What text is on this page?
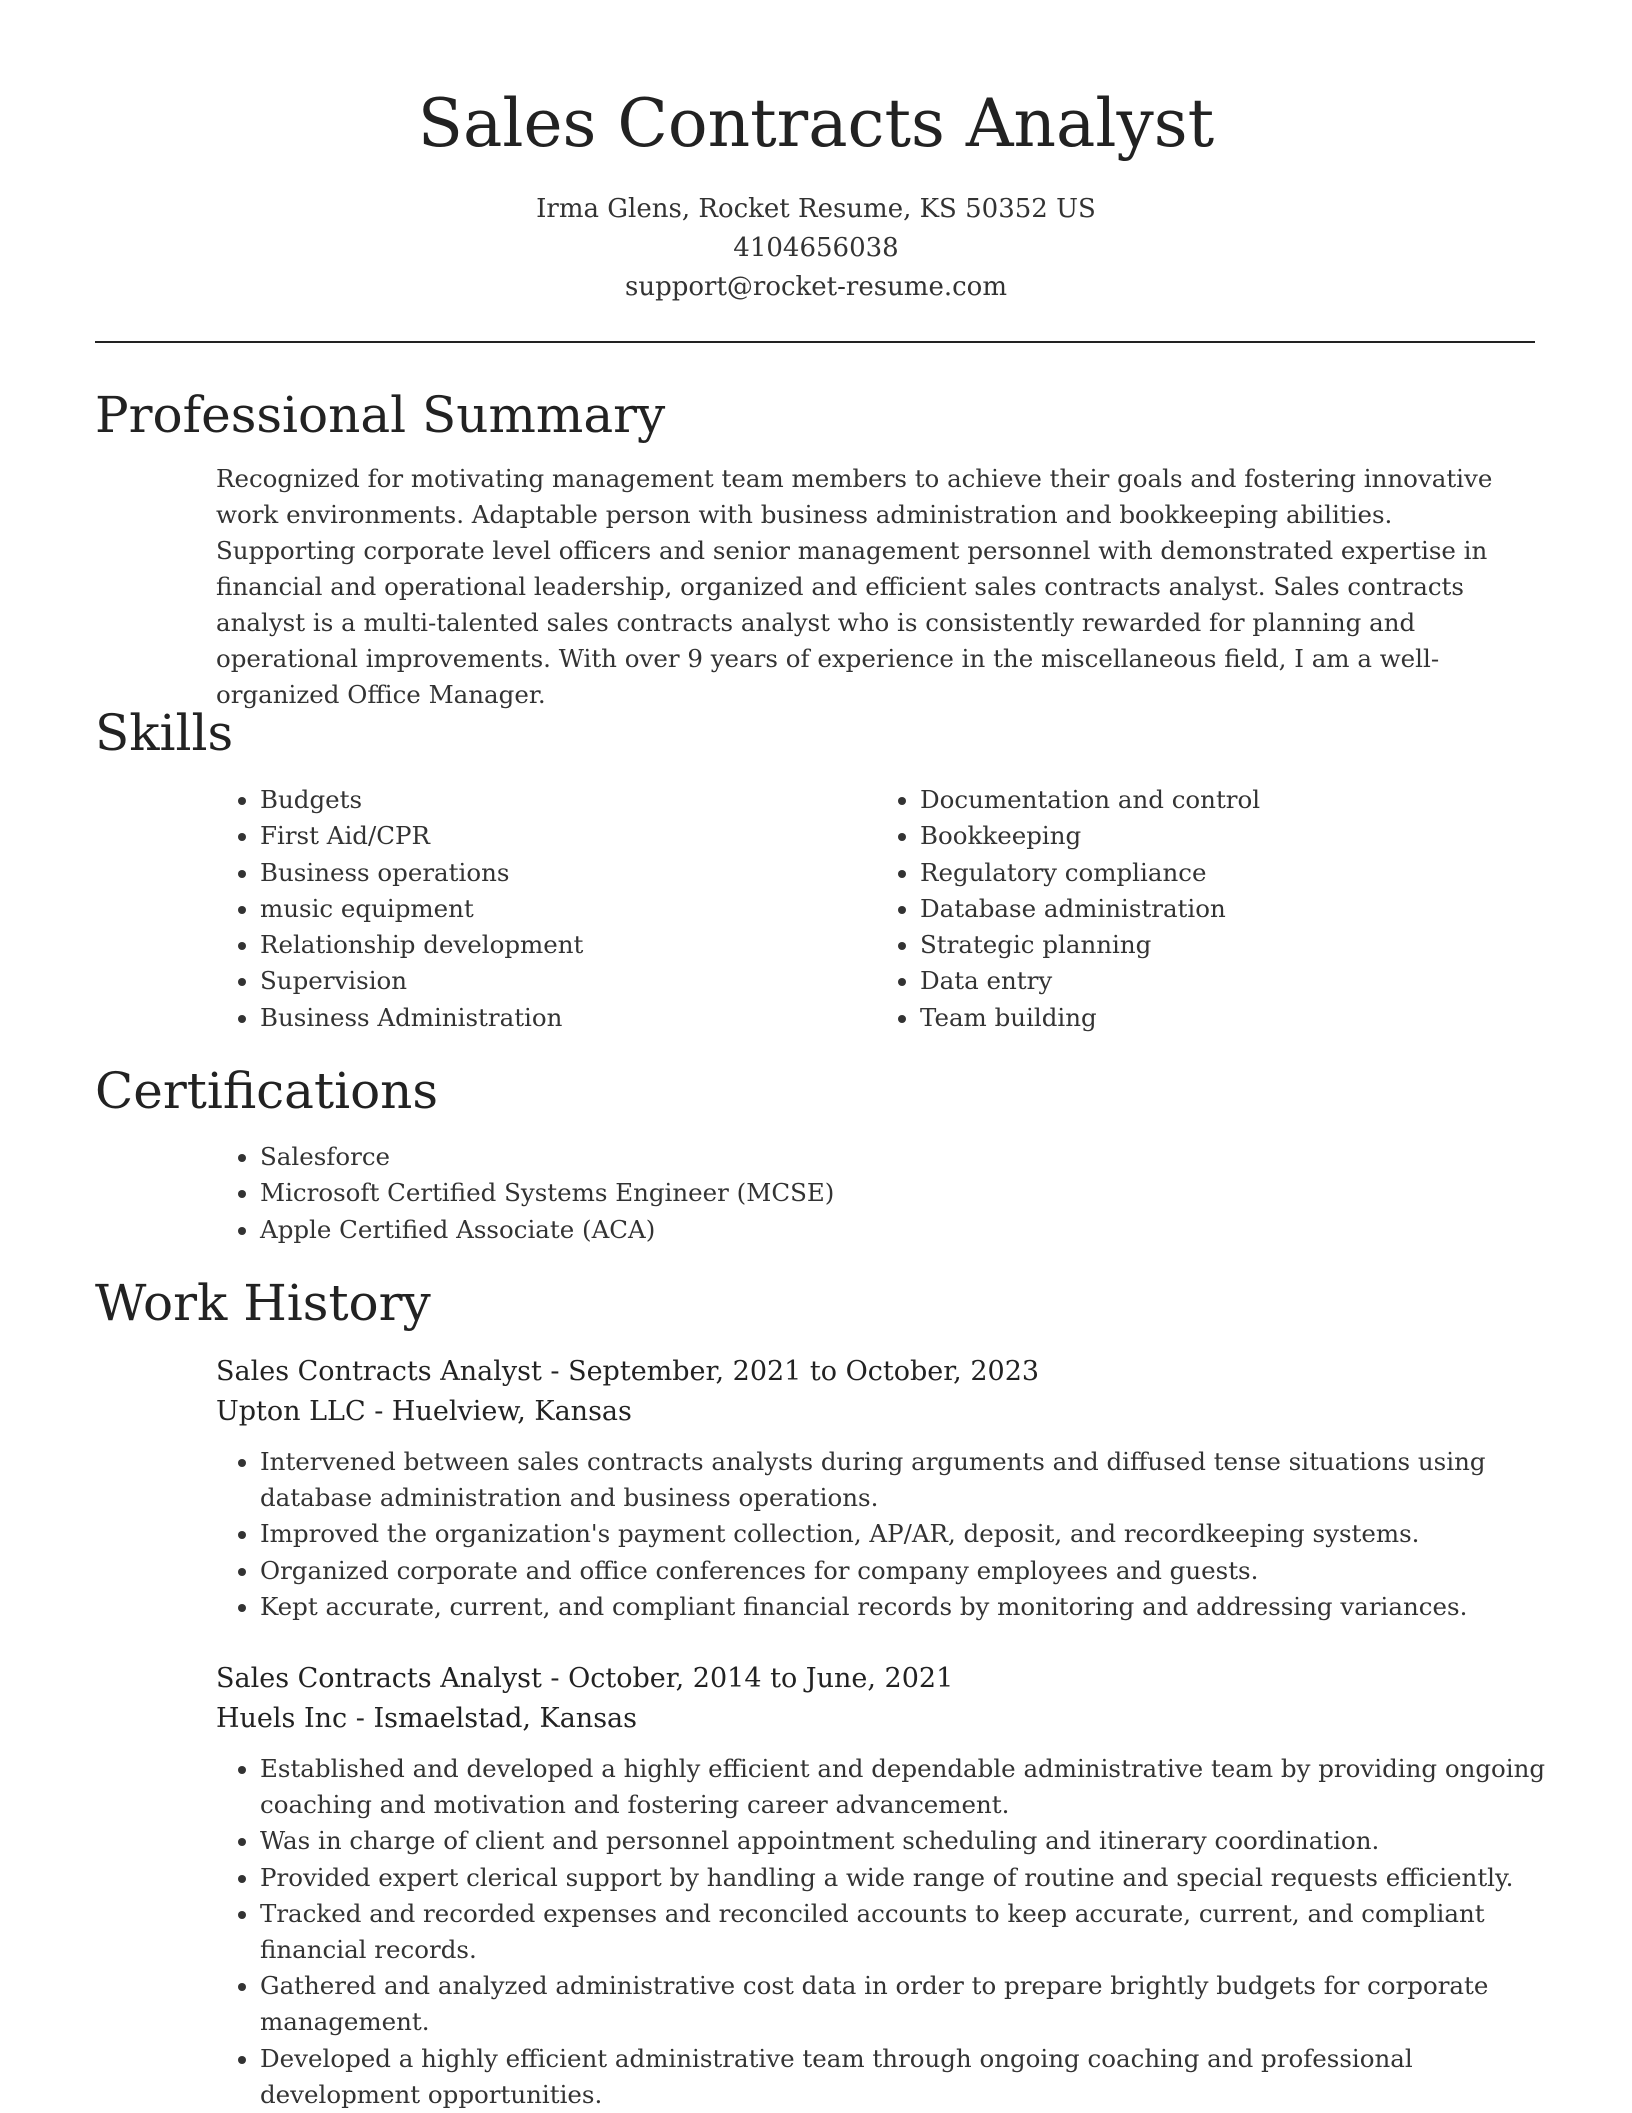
Sales Contracts Analyst
Irma Glens, Rocket Resume, KS 50352 US
4104656038
support@rocket-resume.com
Professional Summary
Recognized for motivating management team members to achieve their goals and fostering innovative work environments. Adaptable person with business administration and bookkeeping abilities. Supporting corporate level officers and senior management personnel with demonstrated expertise in financial and operational leadership, organized and efficient sales contracts analyst. Sales contracts analyst is a multi-talented sales contracts analyst who is consistently rewarded for planning and operational improvements. With over 9 years of experience in the miscellaneous field, I am a well-organized Office Manager.
Skills
• Budgets
• First Aid/CPR
• Business operations
• music equipment
• Relationship development
• Supervision
• Business Administration
• Documentation and control
• Bookkeeping
• Regulatory compliance
• Database administration
• Strategic planning
• Data entry
• Team building
Certifications
• Salesforce
• Microsoft Certified Systems Engineer (MCSE)
• Apple Certified Associate (ACA)
Work History
Sales Contracts Analyst - September, 2021 to October, 2023
Upton LLC - Huelview, Kansas
• Intervened between sales contracts analysts during arguments and diffused tense situations using database administration and business operations.
• Improved the organization's payment collection, AP/AR, deposit, and recordkeeping systems.
• Organized corporate and office conferences for company employees and guests.
• Kept accurate, current, and compliant financial records by monitoring and addressing variances.
Sales Contracts Analyst - October, 2014 to June, 2021
Huels Inc - Ismaelstad, Kansas
• Established and developed a highly efficient and dependable administrative team by providing ongoing coaching and motivation and fostering career advancement.
• Was in charge of client and personnel appointment scheduling and itinerary coordination.
• Provided expert clerical support by handling a wide range of routine and special requests efficiently.
• Tracked and recorded expenses and reconciled accounts to keep accurate, current, and compliant financial records.
• Gathered and analyzed administrative cost data in order to prepare brightly budgets for corporate management.
• Developed a highly efficient administrative team through ongoing coaching and professional development opportunities.
